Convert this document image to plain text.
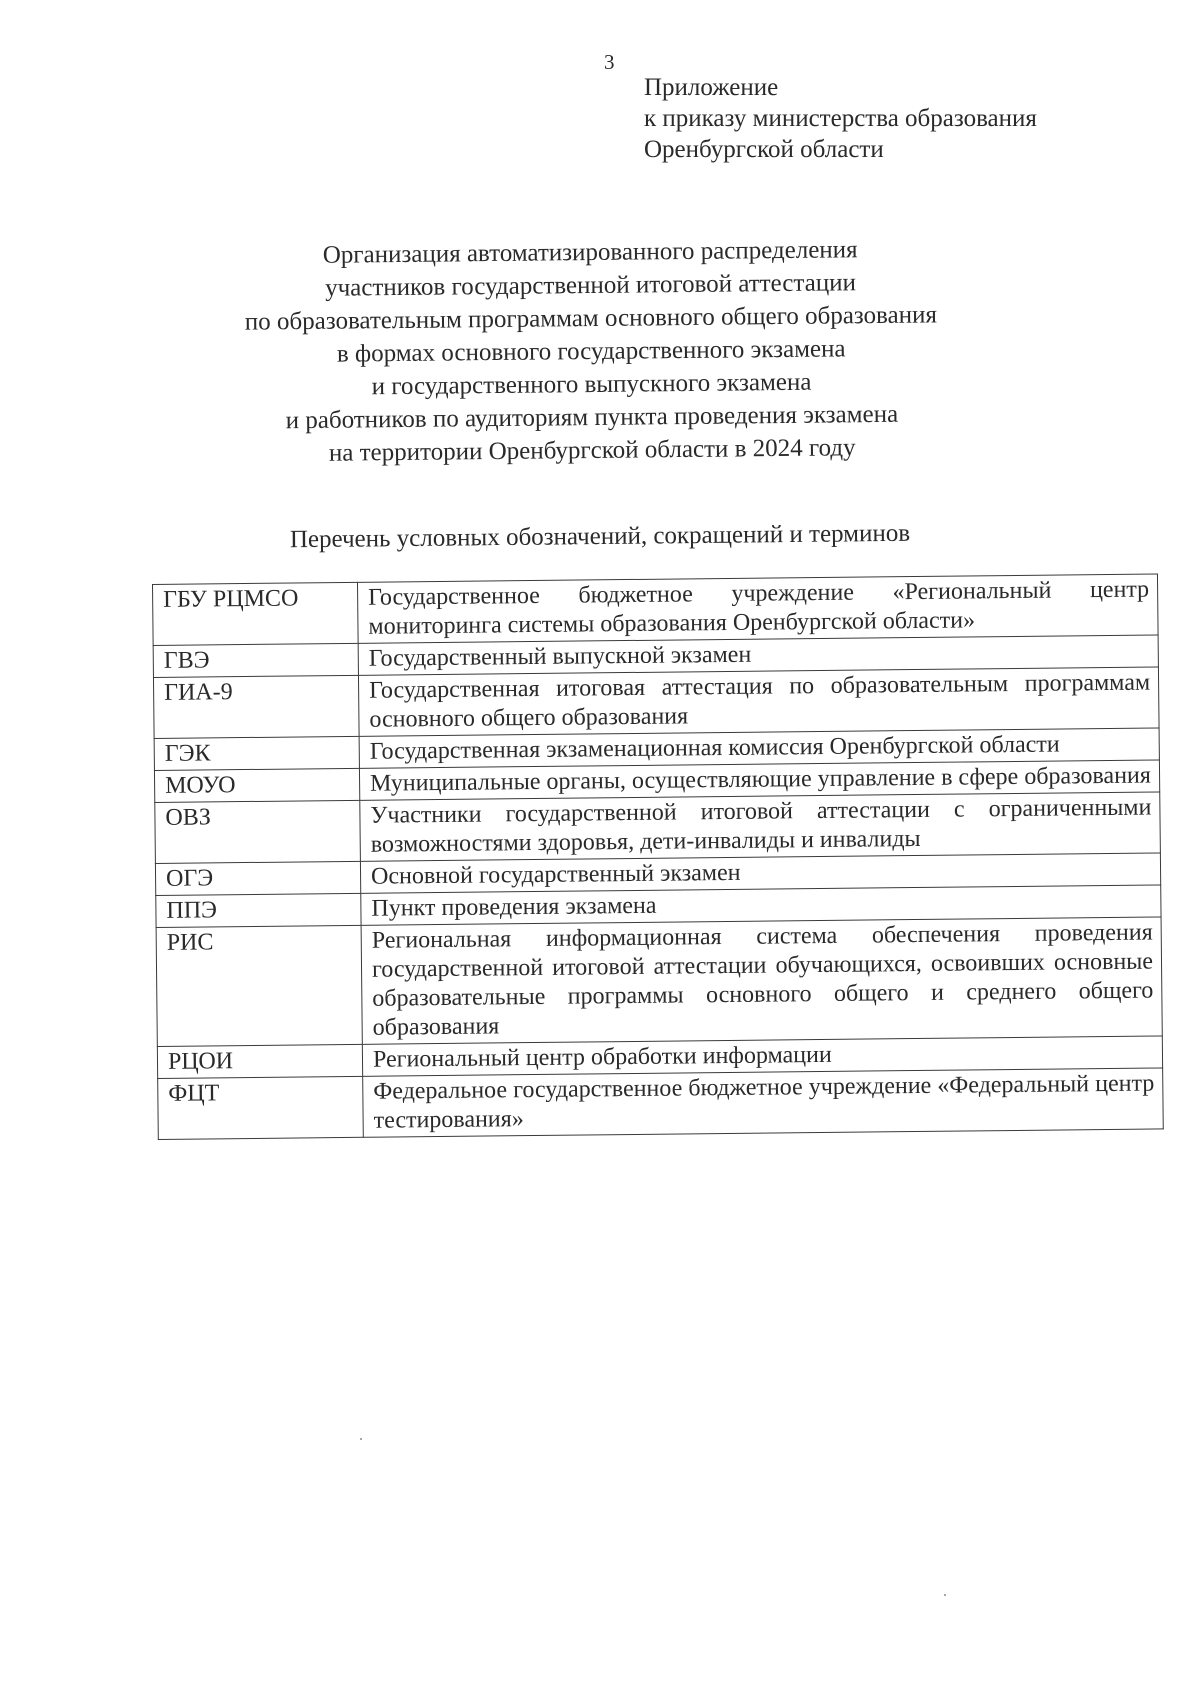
3
Приложение
к приказу министерства образования
Оренбургской области
Организация автоматизированного распределения
участников государственной итоговой аттестации
по образовательным программам основного общего образования
в формах основного государственного экзамена
и государственного выпускного экзамена
и работников по аудиториям пункта проведения экзамена
на территории Оренбургской области в 2024 году
Перечень условных обозначений, сокращений и терминов
ГБУ РЦМСО	Государственное бюджетное учреждение «Региональный центр мониторинга системы образования Оренбургской области»
ГВЭ	Государственный выпускной экзамен
ГИА-9	Государственная итоговая аттестация по образовательным программам основного общего образования
ГЭК	Государственная экзаменационная комиссия Оренбургской области
МОУО	Муниципальные органы, осуществляющие управление в сфере образования
ОВЗ	Участники государственной итоговой аттестации с ограниченными возможностями здоровья, дети-инвалиды и инвалиды
ОГЭ	Основной государственный экзамен
ППЭ	Пункт проведения экзамена
РИС	Региональная информационная система обеспечения проведения государственной итоговой аттестации обучающихся, освоивших основные образовательные программы основного общего и среднего общего образования
РЦОИ	Региональный центр обработки информации
ФЦТ	Федеральное государственное бюджетное учреждение «Федеральный центр тестирования»
